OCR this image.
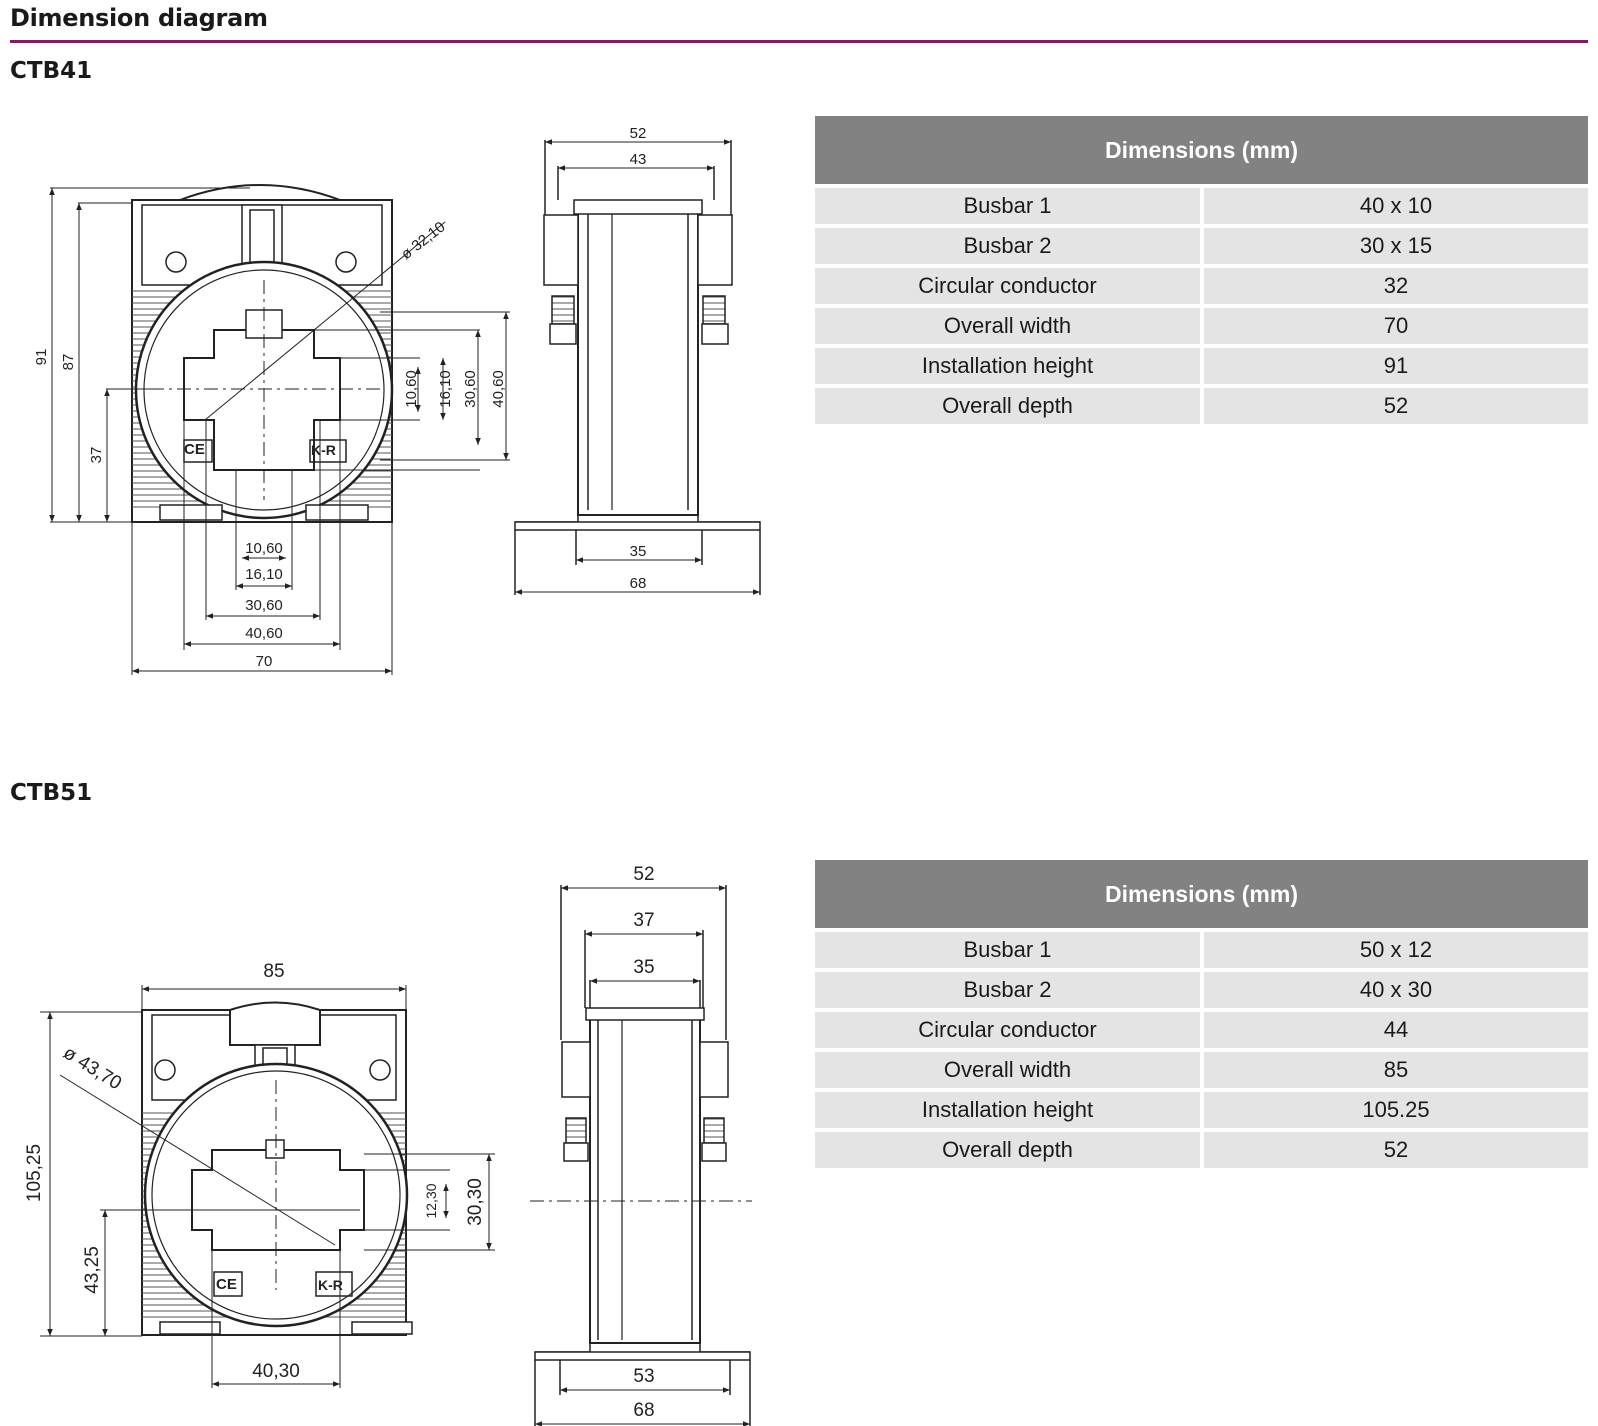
Dimension diagram
CTB41
CTB51
CE	K-R
91 87
37
10,60 16,10 30,60 40,60
10,60
16,10
30,60
40,60
70
ø 32,10
52
43
35
68
CE	K-R
85
105,25
43,25
12,30 30,30
40,30
ø 43,70
52
37
35
53
68
Dimensions (mm)	
Busbar 1	40 x 10
Busbar 2	30 x 15
Circular conductor	32
Overall width	70
Installation height	91
Overall depth	52
Dimensions (mm)	
Busbar 1	50 x 12
Busbar 2	40 x 30
Circular conductor	44
Overall width	85
Installation height	105.25
Overall depth	52
